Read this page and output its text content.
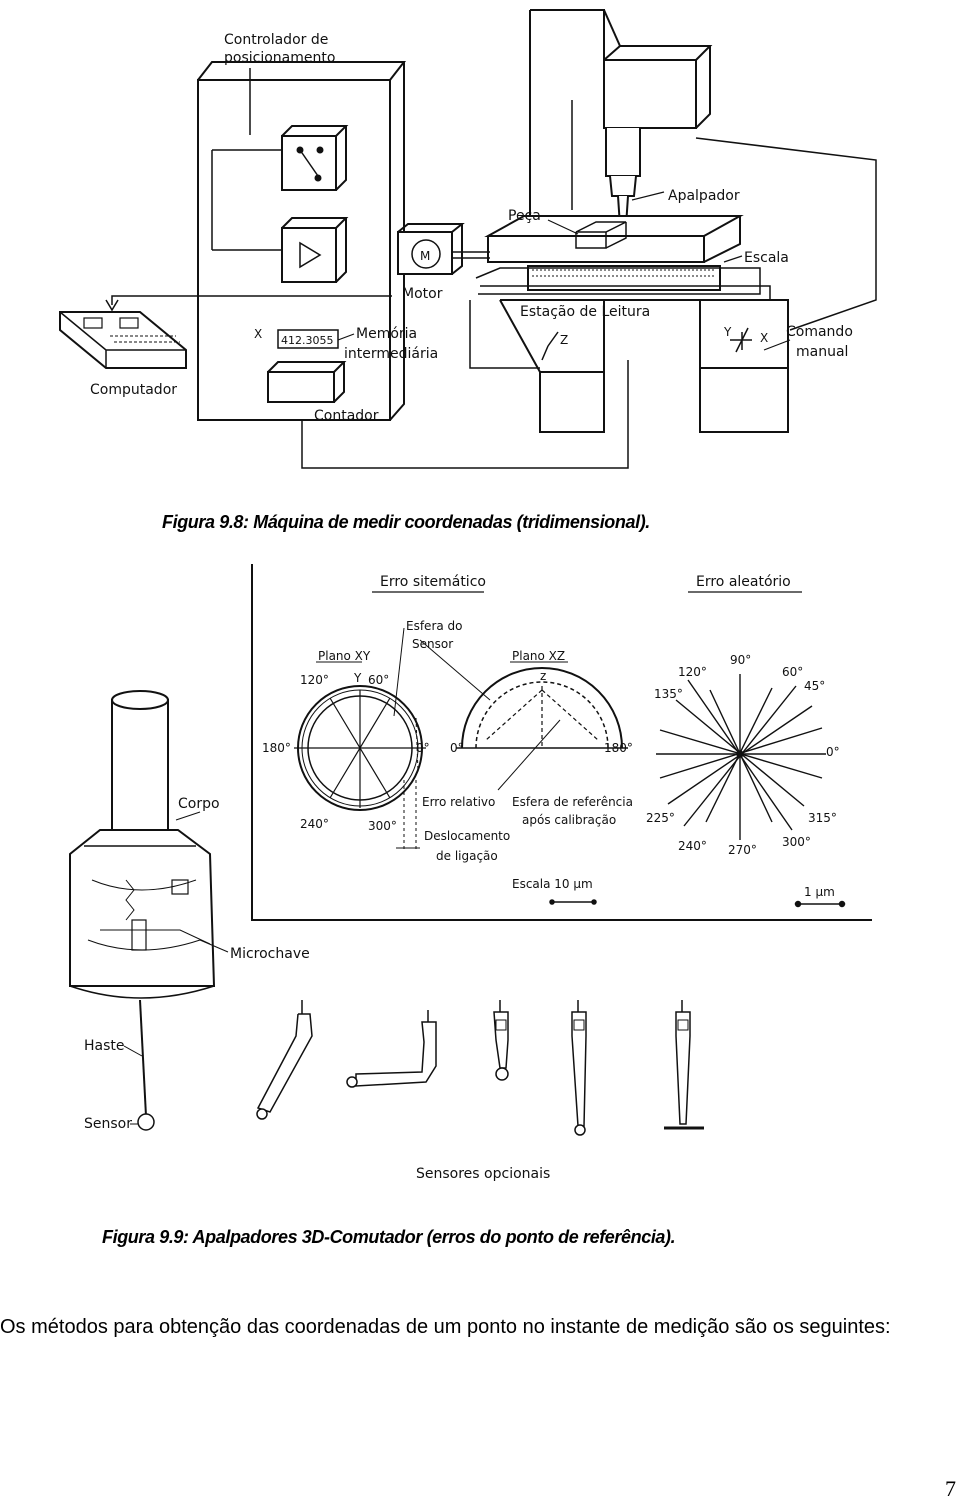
Controlador de
posicionamento
Apalpador
Peça
Escala
M
Motor
X 412.3055 Memória
intermediária
Estação de Leitura
Z
Y X Comando
manual
Computador
Contador
Figura 9.8: Máquina de medir coordenadas (tridimensional).
Erro sitemático	Erro aleatório
Esfera do
Sensor
Plano XY	Plano XZ
120° Y 60°	z
180°	0° 0°	180°
240°	300°
Erro relativo
Deslocamento
de ligação
Esfera de referência
após calibração
Escala 10 µm
90°
120°	60°
135°
45°
0°
225°	315°
240° 270°
300°
1 µm
Corpo
Microchave
Haste
Sensor
Sensores opcionais
Figura 9.9: Apalpadores 3D-Comutador (erros do ponto de referência).
Os métodos para obtenção das coordenadas de um ponto no instante de medição são os seguintes:
7
